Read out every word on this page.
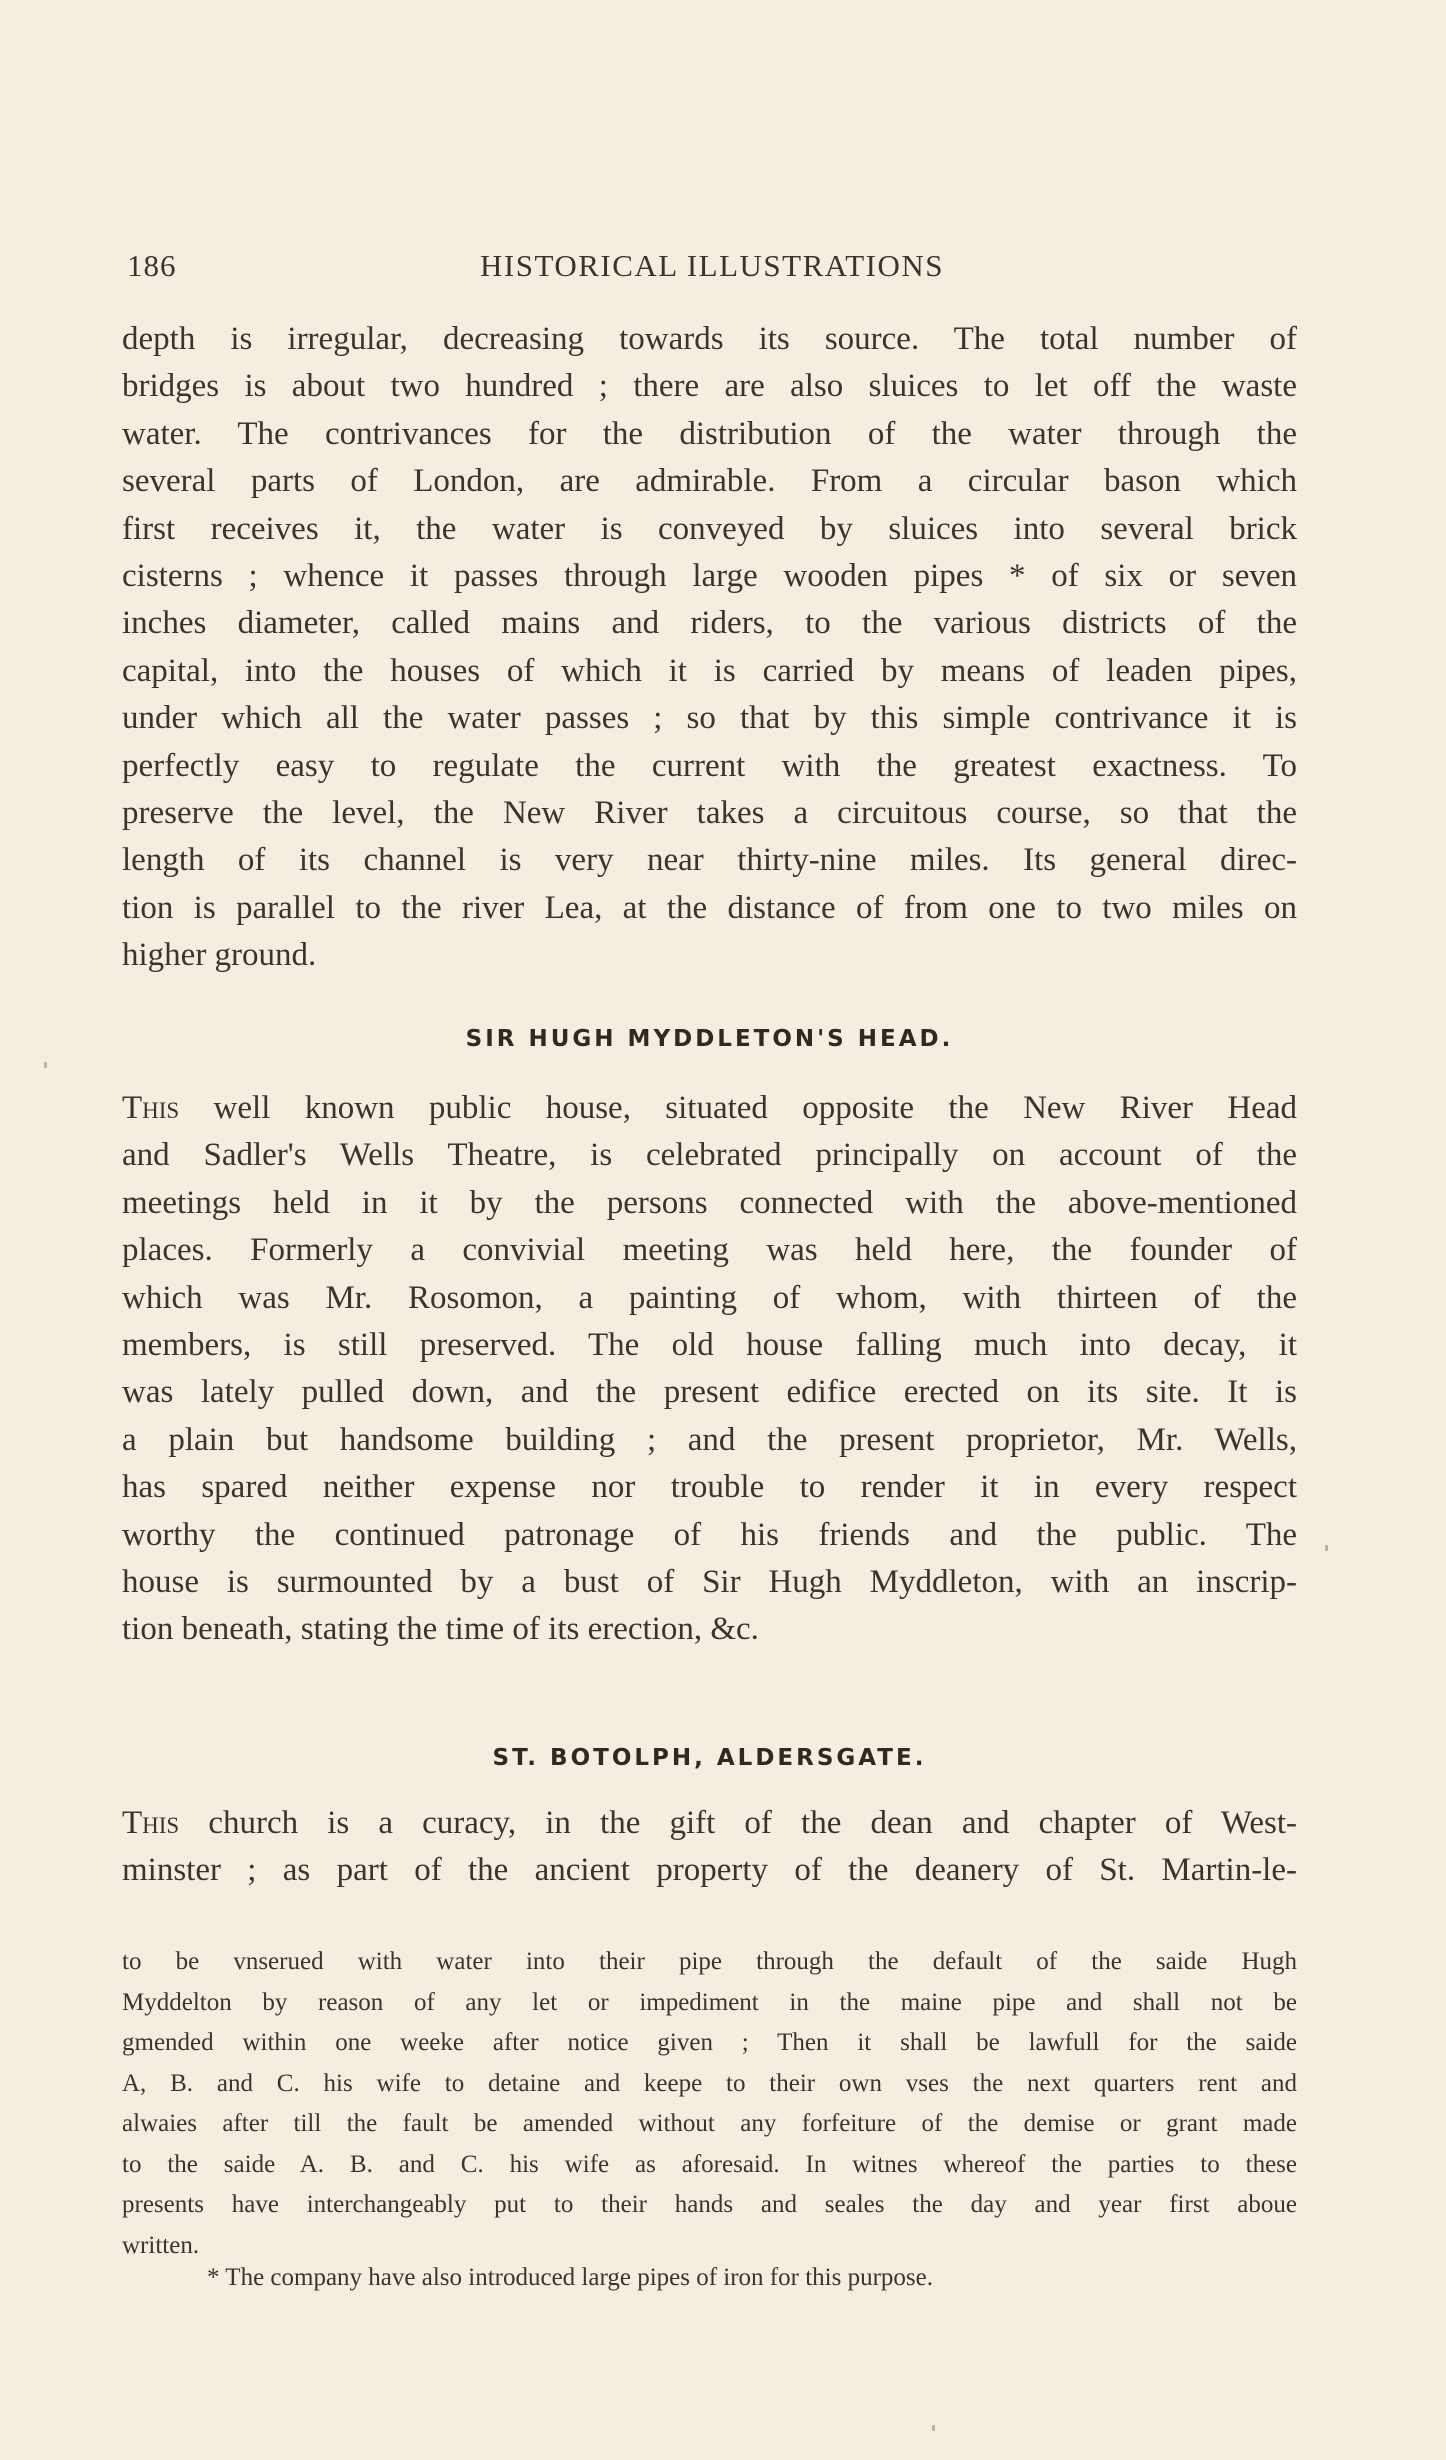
186	HISTORICAL ILLUSTRATIONS
depth is irregular, decreasing towards its source. The total number of
bridges is about two hundred ; there are also sluices to let off the waste
water. The contrivances for the distribution of the water through the
several parts of London, are admirable. From a circular bason which
first receives it, the water is conveyed by sluices into several brick
cisterns ; whence it passes through large wooden pipes * of six or seven
inches diameter, called mains and riders, to the various districts of the
capital, into the houses of which it is carried by means of leaden pipes,
under which all the water passes ; so that by this simple contrivance it is
perfectly easy to regulate the current with the greatest exactness. To
preserve the level, the New River takes a circuitous course, so that the
length of its channel is very near thirty-nine miles. Its general direc-
tion is parallel to the river Lea, at the distance of from one to two miles on
higher ground.
SIR HUGH MYDDLETON'S HEAD.
This well known public house, situated opposite the New River Head
and Sadler's Wells Theatre, is celebrated principally on account of the
meetings held in it by the persons connected with the above-mentioned
places. Formerly a convivial meeting was held here, the founder of
which was Mr. Rosomon, a painting of whom, with thirteen of the
members, is still preserved. The old house falling much into decay, it
was lately pulled down, and the present edifice erected on its site. It is
a plain but handsome building ; and the present proprietor, Mr. Wells,
has spared neither expense nor trouble to render it in every respect
worthy the continued patronage of his friends and the public. The
house is surmounted by a bust of Sir Hugh Myddleton, with an inscrip-
tion beneath, stating the time of its erection, &c.
ST. BOTOLPH, ALDERSGATE.
This church is a curacy, in the gift of the dean and chapter of West-
minster ; as part of the ancient property of the deanery of St. Martin-le-
to be vnserued with water into their pipe through the default of the saide Hugh
Myddelton by reason of any let or impediment in the maine pipe and shall not be
gmended within one weeke after notice given ; Then it shall be lawfull for the saide
A, B. and C. his wife to detaine and keepe to their own vses the next quarters rent and
alwaies after till the fault be amended without any forfeiture of the demise or grant made
to the saide A. B. and C. his wife as aforesaid. In witnes whereof the parties to these
presents have interchangeably put to their hands and seales the day and year first aboue
written.
* The company have also introduced large pipes of iron for this purpose.
